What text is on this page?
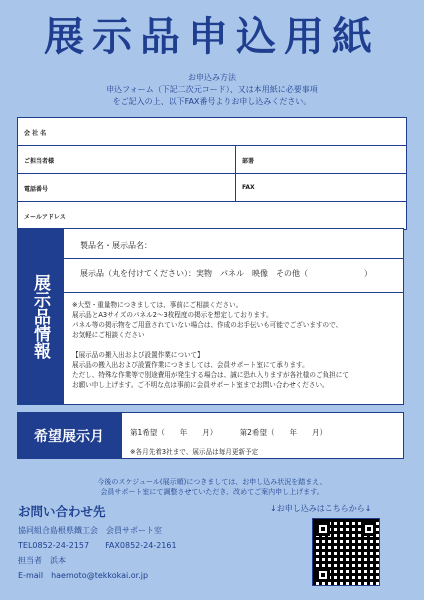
展示品申込用紙
お申込み方法
申込フォーム（下記二次元コード）、又は本用紙に必要事項
をご記入の上、以下FAX番号よりお申し込みください。
会 社 名
ご担当者様	部署
電話番号	FAX
メールアドレス
展示品情報
製品名・展示品名：
展示品（丸を付けてください）：実物　パネル　映像　その他（　　　　　　　）
※大型・重量物につきましては、事前にご相談ください。
展示品とA3サイズのパネル2～3枚程度の掲示を想定しております。
パネル等の掲示物をご用意されていない場合は、作成のお手伝いも可能でございますので、
お気軽にご相談ください
【展示品の搬入出および設置作業について】
展示品の搬入出および設置作業につきましては、会員サポート室にて承ります。
ただし、特殊な作業等で別途費用が発生する場合は、誠に恐れ入りますが各社様のご負担にて
お願い申し上げます。ご不明な点は事前に会員サポート室までお問い合わせください。
希望展示月	第1希望（　　年　　月）	第2希望（　　年　　月）
※各月先着3社まで、展示品は毎月更新予定
今後のスケジュール(展示順)につきましては、お申し込み状況を踏まえ、
会員サポート室にて調整させていただき、改めてご案内申し上げます。
お問い合わせ先
協同組合島根県鐵工会　会員サポート室
TEL0852-24-2157　　FAX0852-24-2161
担当者　浜本
E-mail　haemoto@tekkokai.or.jp
↓お申し込みはこちらから↓
